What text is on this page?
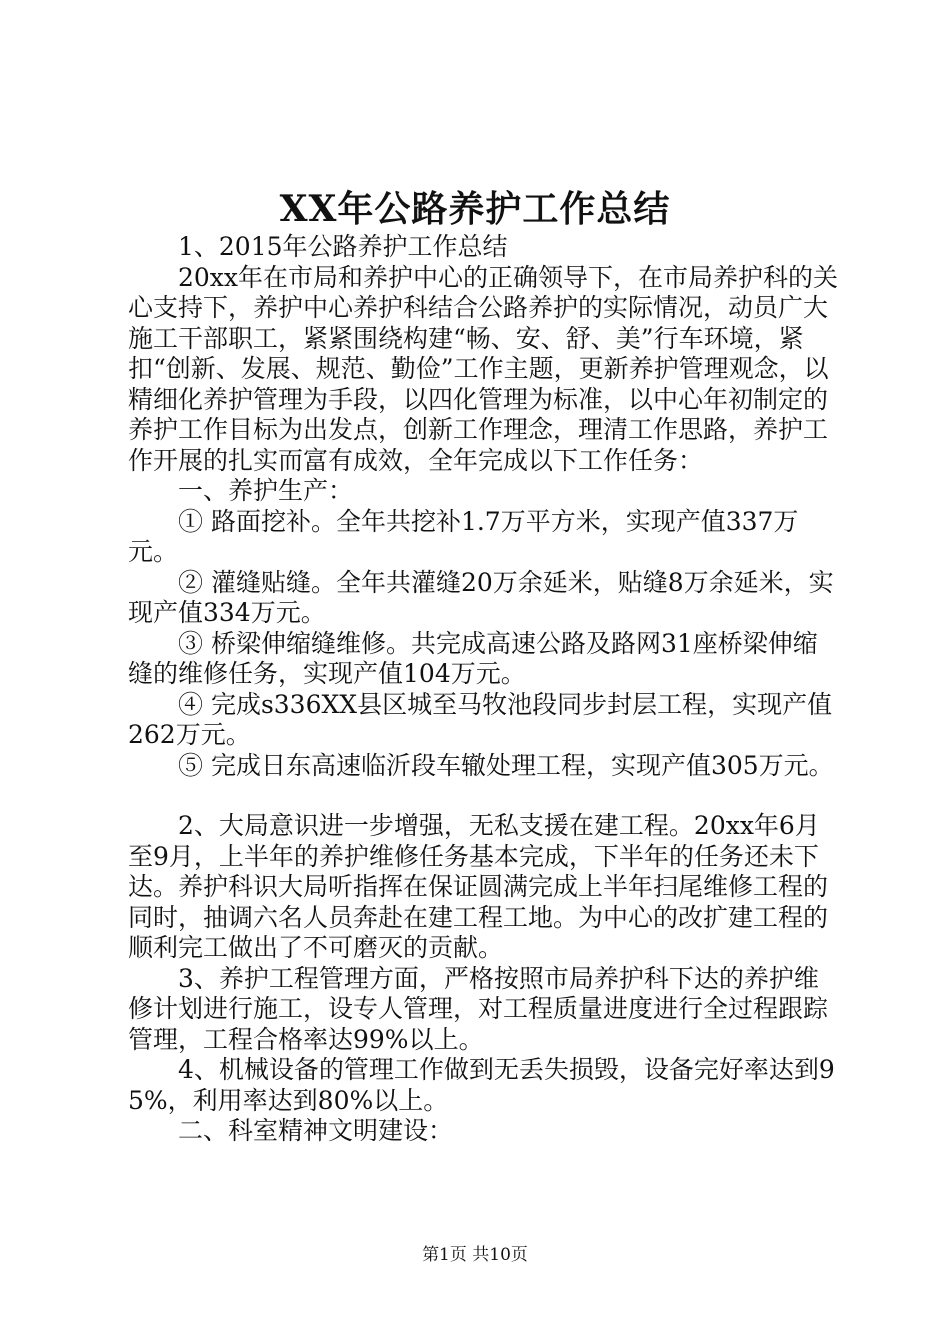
XX年公路养护工作总结

1、2015年公路养护工作总结

20xx年在市局和养护中心的正确领导下，在市局养护科的关心支持下，养护中心养护科结合公路养护的实际情况，动员广大施工干部职工，紧紧围绕构建“畅、安、舒、美”行车环境，紧扣“创新、发展、规范、勤俭”工作主题，更新养护管理观念，以精细化养护管理为手段，以四化管理为标准，以中心年初制定的养护工作目标为出发点，创新工作理念，理清工作思路，养护工作开展的扎实而富有成效，全年完成以下工作任务：

一、养护生产：

① 路面挖补。全年共挖补1.7万平方米，实现产值337万元。

② 灌缝贴缝。全年共灌缝20万余延米，贴缝8万余延米，实现产值334万元。

③ 桥梁伸缩缝维修。共完成高速公路及路网31座桥梁伸缩缝的维修任务，实现产值104万元。

④ 完成s336XX县区城至马牧池段同步封层工程，实现产值262万元。

⑤ 完成日东高速临沂段车辙处理工程，实现产值305万元。

2、大局意识进一步增强，无私支援在建工程。20xx年6月至9月，上半年的养护维修任务基本完成，下半年的任务还未下达。养护科识大局听指挥在保证圆满完成上半年扫尾维修工程的同时，抽调六名人员奔赴在建工程工地。为中心的改扩建工程的顺利完工做出了不可磨灭的贡献。

3、养护工程管理方面，严格按照市局养护科下达的养护维修计划进行施工，设专人管理，对工程质量进度进行全过程跟踪管理，工程合格率达99%以上。

4、机械设备的管理工作做到无丢失损毁，设备完好率达到95%，利用率达到80%以上。

二、科室精神文明建设：

第1页 共10页
